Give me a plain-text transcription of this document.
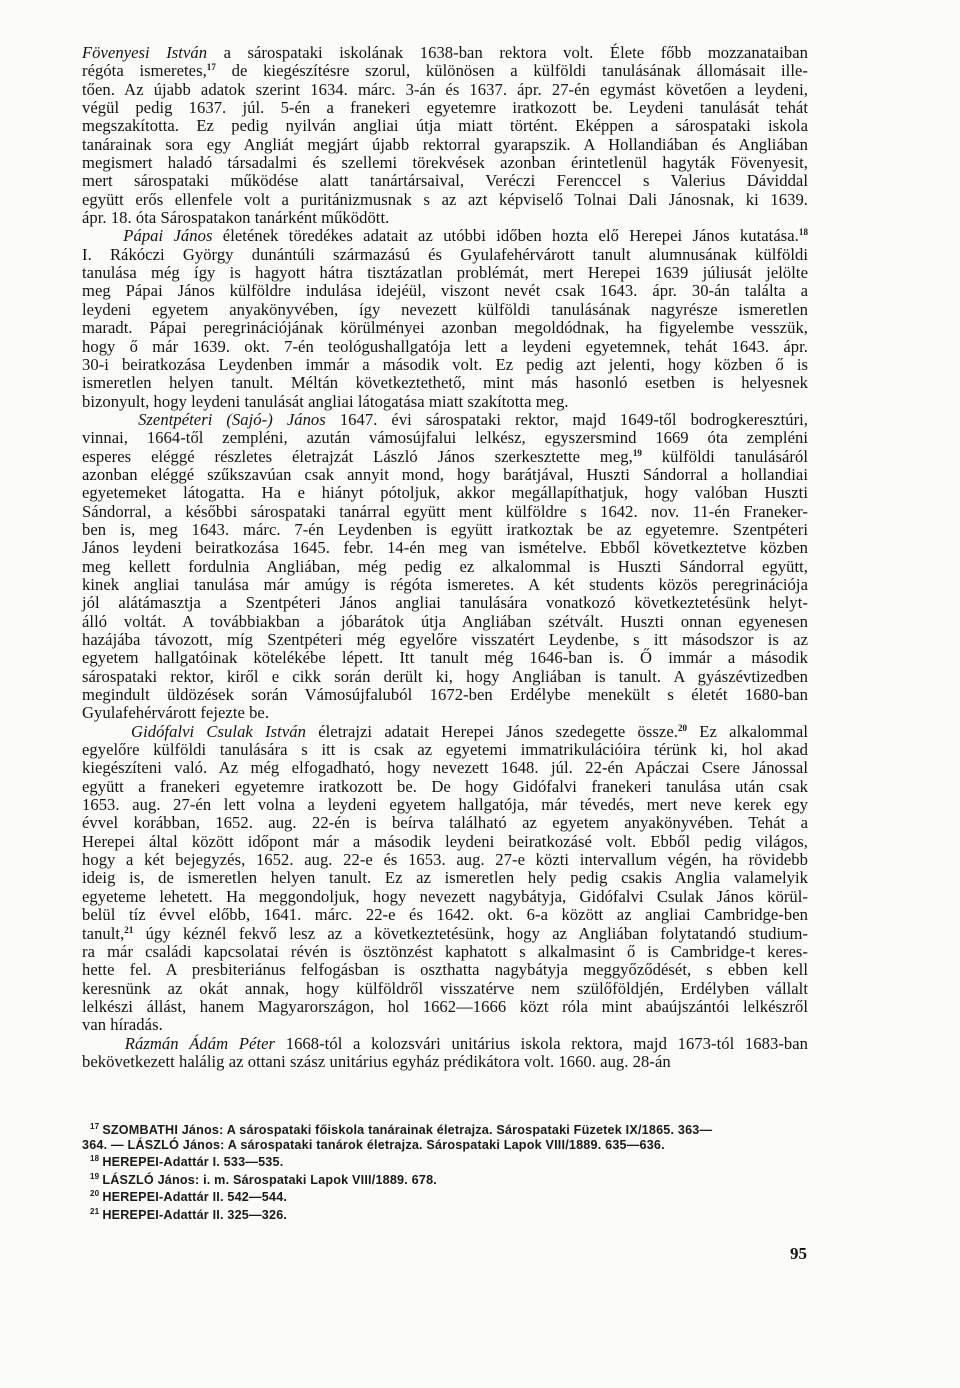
Fövenyesi István a sárospataki iskolának 1638-ban rektora volt. Élete főbb mozzanataiban
régóta ismeretes,$^{17}$ de kiegészítésre szorul, különösen a külföldi tanulásának állomásait ille-
tően. Az újabb adatok szerint 1634. márc. 3-án és 1637. ápr. 27-én egymást követően a leydeni,
végül pedig 1637. júl. 5-én a franekeri egyetemre iratkozott be. Leydeni tanulását tehát
megszakította. Ez pedig nyilván angliai útja miatt történt. Eképpen a sárospataki iskola
tanárainak sora egy Angliát megjárt újabb rektorral gyarapszik. A Hollandiában és Angliában
megismert haladó társadalmi és szellemi törekvések azonban érintetlenül hagyták Fövenyesit,
mert sárospataki működése alatt tanártársaival, Veréczi Ferenccel s Valerius Dáviddal
együtt erős ellenfele volt a puritánizmusnak s az azt képviselő Tolnai Dali Jánosnak, ki 1639.
ápr. 18. óta Sárospatakon tanárként működött.
Pápai János életének töredékes adatait az utóbbi időben hozta elő Herepei János kutatása.$^{18}$
I. Rákóczi György dunántúli származású és Gyulafehérvárott tanult alumnusának külföldi
tanulása még így is hagyott hátra tisztázatlan problémát, mert Herepei 1639 júliusát jelölte
meg Pápai János külföldre indulása idejéül, viszont nevét csak 1643. ápr. 30-án találta a
leydeni egyetem anyakönyvében, így nevezett külföldi tanulásának nagyrésze ismeretlen
maradt. Pápai peregrinációjának körülményei azonban megoldódnak, ha figyelembe vesszük,
hogy ő már 1639. okt. 7-én teológushallgatója lett a leydeni egyetemnek, tehát 1643. ápr.
30-i beiratkozása Leydenben immár a második volt. Ez pedig azt jelenti, hogy közben ő is
ismeretlen helyen tanult. Méltán következtethető, mint más hasonló esetben is helyesnek
bizonyult, hogy leydeni tanulását angliai látogatása miatt szakította meg.
Szentpéteri (Sajó-) János 1647. évi sárospataki rektor, majd 1649-től bodrogkeresztúri,
vinnai, 1664-től zempléni, azután vámosújfalui lelkész, egyszersmind 1669 óta zempléni
esperes eléggé részletes életrajzát László János szerkesztette meg,$^{19}$ külföldi tanulásáról
azonban eléggé szűkszavúan csak annyit mond, hogy barátjával, Huszti Sándorral a hollandiai
egyetemeket látogatta. Ha e hiányt pótoljuk, akkor megállapíthatjuk, hogy valóban Huszti
Sándorral, a későbbi sárospataki tanárral együtt ment külföldre s 1642. nov. 11-én Franeker-
ben is, meg 1643. márc. 7-én Leydenben is együtt iratkoztak be az egyetemre. Szentpéteri
János leydeni beiratkozása 1645. febr. 14-én meg van ismételve. Ebből következtetve közben
meg kellett fordulnia Angliában, még pedig ez alkalommal is Huszti Sándorral együtt,
kinek angliai tanulása már amúgy is régóta ismeretes. A két students közös peregrinációja
jól alátámasztja a Szentpéteri János angliai tanulására vonatkozó következtetésünk helyt-
álló voltát. A továbbiakban a jóbarátok útja Angliában szétvált. Huszti onnan egyenesen
hazájába távozott, míg Szentpéteri még egyelőre visszatért Leydenbe, s itt másodszor is az
egyetem hallgatóinak kötelékébe lépett. Itt tanult még 1646-ban is. Ő immár a második
sárospataki rektor, kiről e cikk során derült ki, hogy Angliában is tanult. A gyászévtizedben
megindult üldözések során Vámosújfaluból 1672-ben Erdélybe menekült s életét 1680-ban
Gyulafehérvárott fejezte be.
Gidófalvi Csulak István életrajzi adatait Herepei János szedegette össze.$^{20}$ Ez alkalommal
egyelőre külföldi tanulására s itt is csak az egyetemi immatrikulációira térünk ki, hol akad
kiegészíteni való. Az még elfogadható, hogy nevezett 1648. júl. 22-én Apáczai Csere Jánossal
együtt a franekeri egyetemre iratkozott be. De hogy Gidófalvi franekeri tanulása után csak
1653. aug. 27-én lett volna a leydeni egyetem hallgatója, már tévedés, mert neve kerek egy
évvel korábban, 1652. aug. 22-én is beírva található az egyetem anyakönyvében. Tehát a
Herepei által között időpont már a második leydeni beiratkozásé volt. Ebből pedig világos,
hogy a két bejegyzés, 1652. aug. 22-e és 1653. aug. 27-e közti intervallum végén, ha rövidebb
ideig is, de ismeretlen helyen tanult. Ez az ismeretlen hely pedig csakis Anglia valamelyik
egyeteme lehetett. Ha meggondoljuk, hogy nevezett nagybátyja, Gidófalvi Csulak János körül-
belül tíz évvel előbb, 1641. márc. 22-e és 1642. okt. 6-a között az angliai Cambridge-ben
tanult,$^{21}$ úgy kéznél fekvő lesz az a következtetésünk, hogy az Angliában folytatandó studium-
ra már családi kapcsolatai révén is ösztönzést kaphatott s alkalmasint ő is Cambridge-t keres-
hette fel. A presbiteriánus felfogásban is oszthatta nagybátyja meggyőződését, s ebben kell
keresnünk az okát annak, hogy külföldről visszatérve nem szülőföldjén, Erdélyben vállalt
lelkészi állást, hanem Magyarországon, hol 1662—1666 közt róla mint abaújszántói lelkészről
van híradás.
Rázmán Ádám Péter 1668-tól a kolozsvári unitárius iskola rektora, majd 1673-tól 1683-ban
bekövetkezett halálig az ottani szász unitárius egyház prédikátora volt. 1660. aug. 28-án
$^{17}$ SZOMBATHI János: A sárospataki főiskola tanárainak életrajza. Sárospataki Füzetek IX/1865. 363—
364. — LÁSZLÓ János: A sárospataki tanárok életrajza. Sárospataki Lapok VIII/1889. 635—636.
$^{18}$ HEREPEI-Adattár I. 533—535.
$^{19}$ LÁSZLÓ János: i. m. Sárospataki Lapok VIII/1889. 678.
$^{20}$ HEREPEI-Adattár II. 542—544.
$^{21}$ HEREPEI-Adattár II. 325—326.
95
